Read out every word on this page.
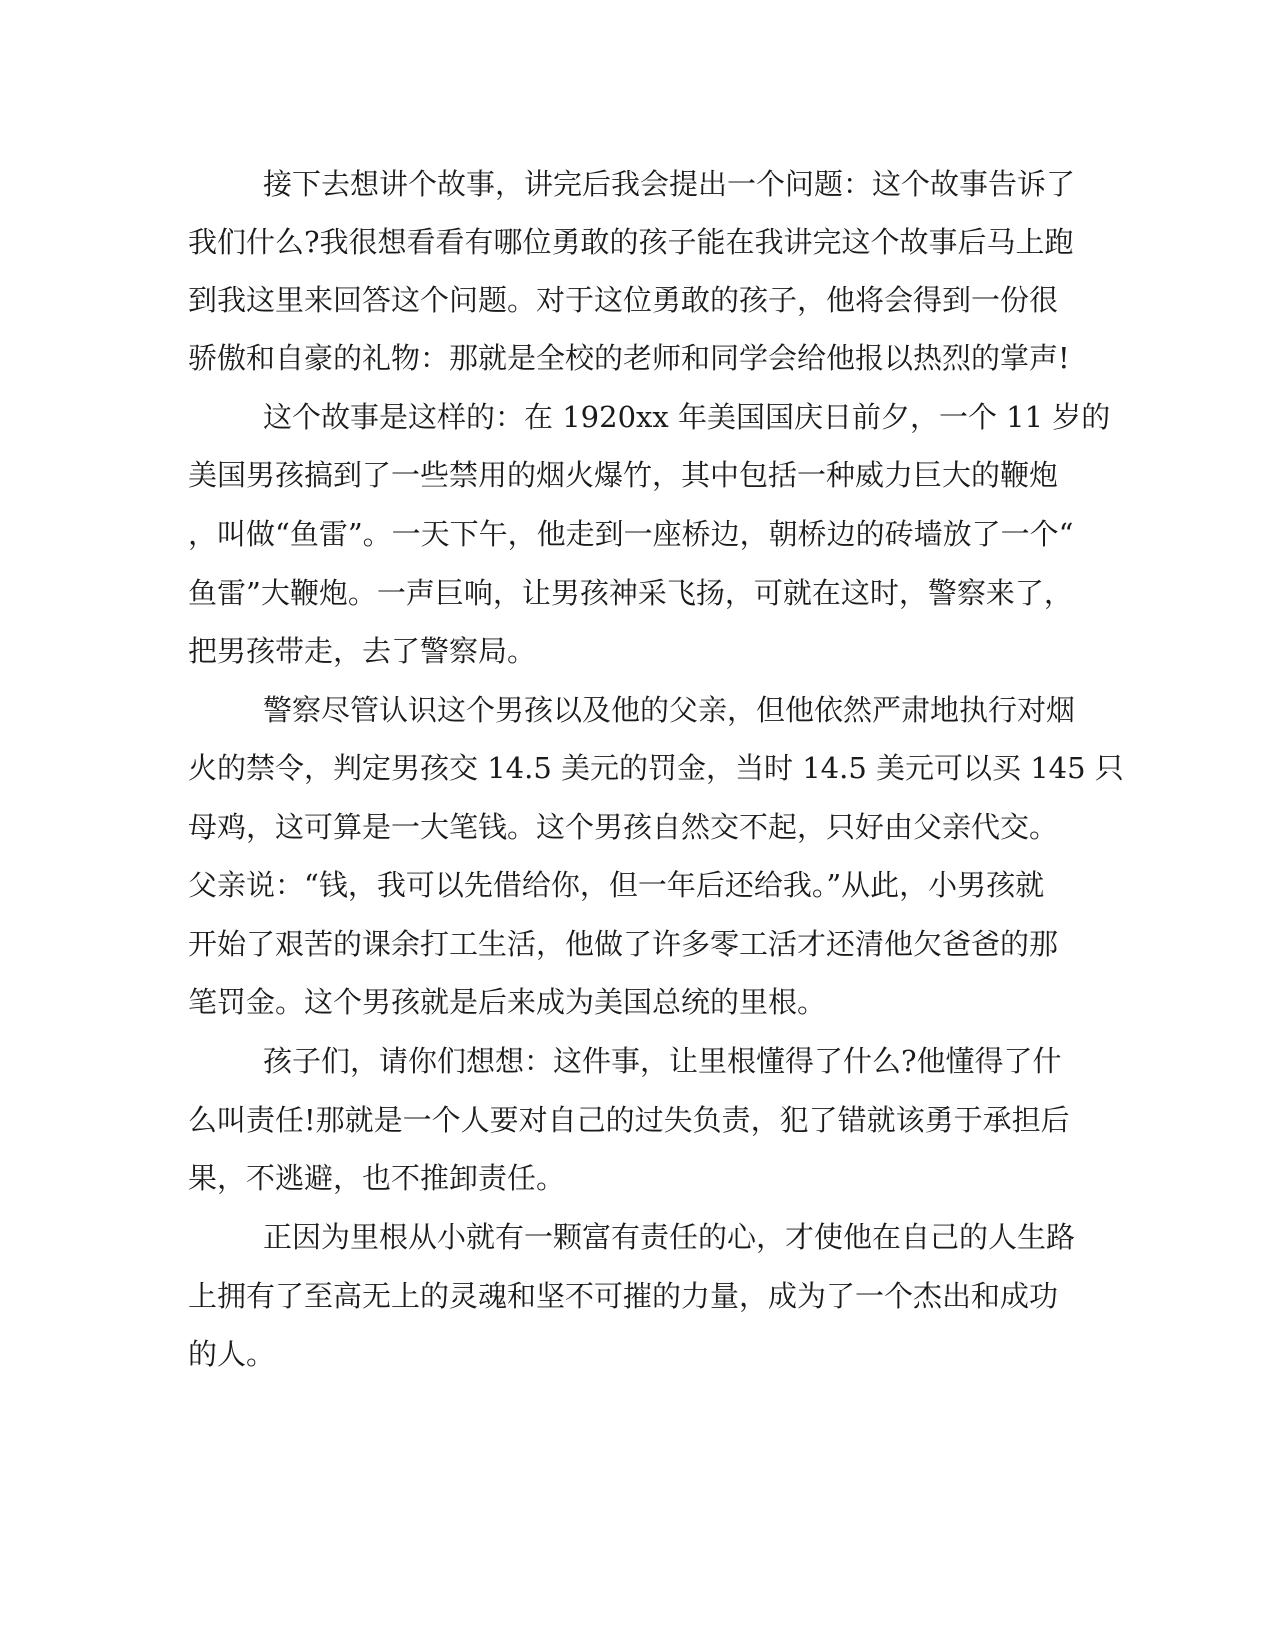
接下去想讲个故事，讲完后我会提出一个问题：这个故事告诉了
我们什么?我很想看看有哪位勇敢的孩子能在我讲完这个故事后马上跑
到我这里来回答这个问题。对于这位勇敢的孩子，他将会得到一份很
骄傲和自豪的礼物：那就是全校的老师和同学会给他报以热烈的掌声!
这个故事是这样的：在 1920xx 年美国国庆日前夕，一个 11 岁的
美国男孩搞到了一些禁用的烟火爆竹，其中包括一种威力巨大的鞭炮
，叫做“鱼雷”。一天下午，他走到一座桥边，朝桥边的砖墙放了一个“
鱼雷”大鞭炮。一声巨响，让男孩神采飞扬，可就在这时，警察来了，
把男孩带走，去了警察局。
警察尽管认识这个男孩以及他的父亲，但他依然严肃地执行对烟
火的禁令，判定男孩交 14.5 美元的罚金，当时 14.5 美元可以买 145 只
母鸡，这可算是一大笔钱。这个男孩自然交不起，只好由父亲代交。
父亲说：“钱，我可以先借给你，但一年后还给我。”从此，小男孩就
开始了艰苦的课余打工生活，他做了许多零工活才还清他欠爸爸的那
笔罚金。这个男孩就是后来成为美国总统的里根。
孩子们，请你们想想：这件事，让里根懂得了什么?他懂得了什
么叫责任!那就是一个人要对自己的过失负责，犯了错就该勇于承担后
果，不逃避，也不推卸责任。
正因为里根从小就有一颗富有责任的心，才使他在自己的人生路
上拥有了至高无上的灵魂和坚不可摧的力量，成为了一个杰出和成功
的人。
